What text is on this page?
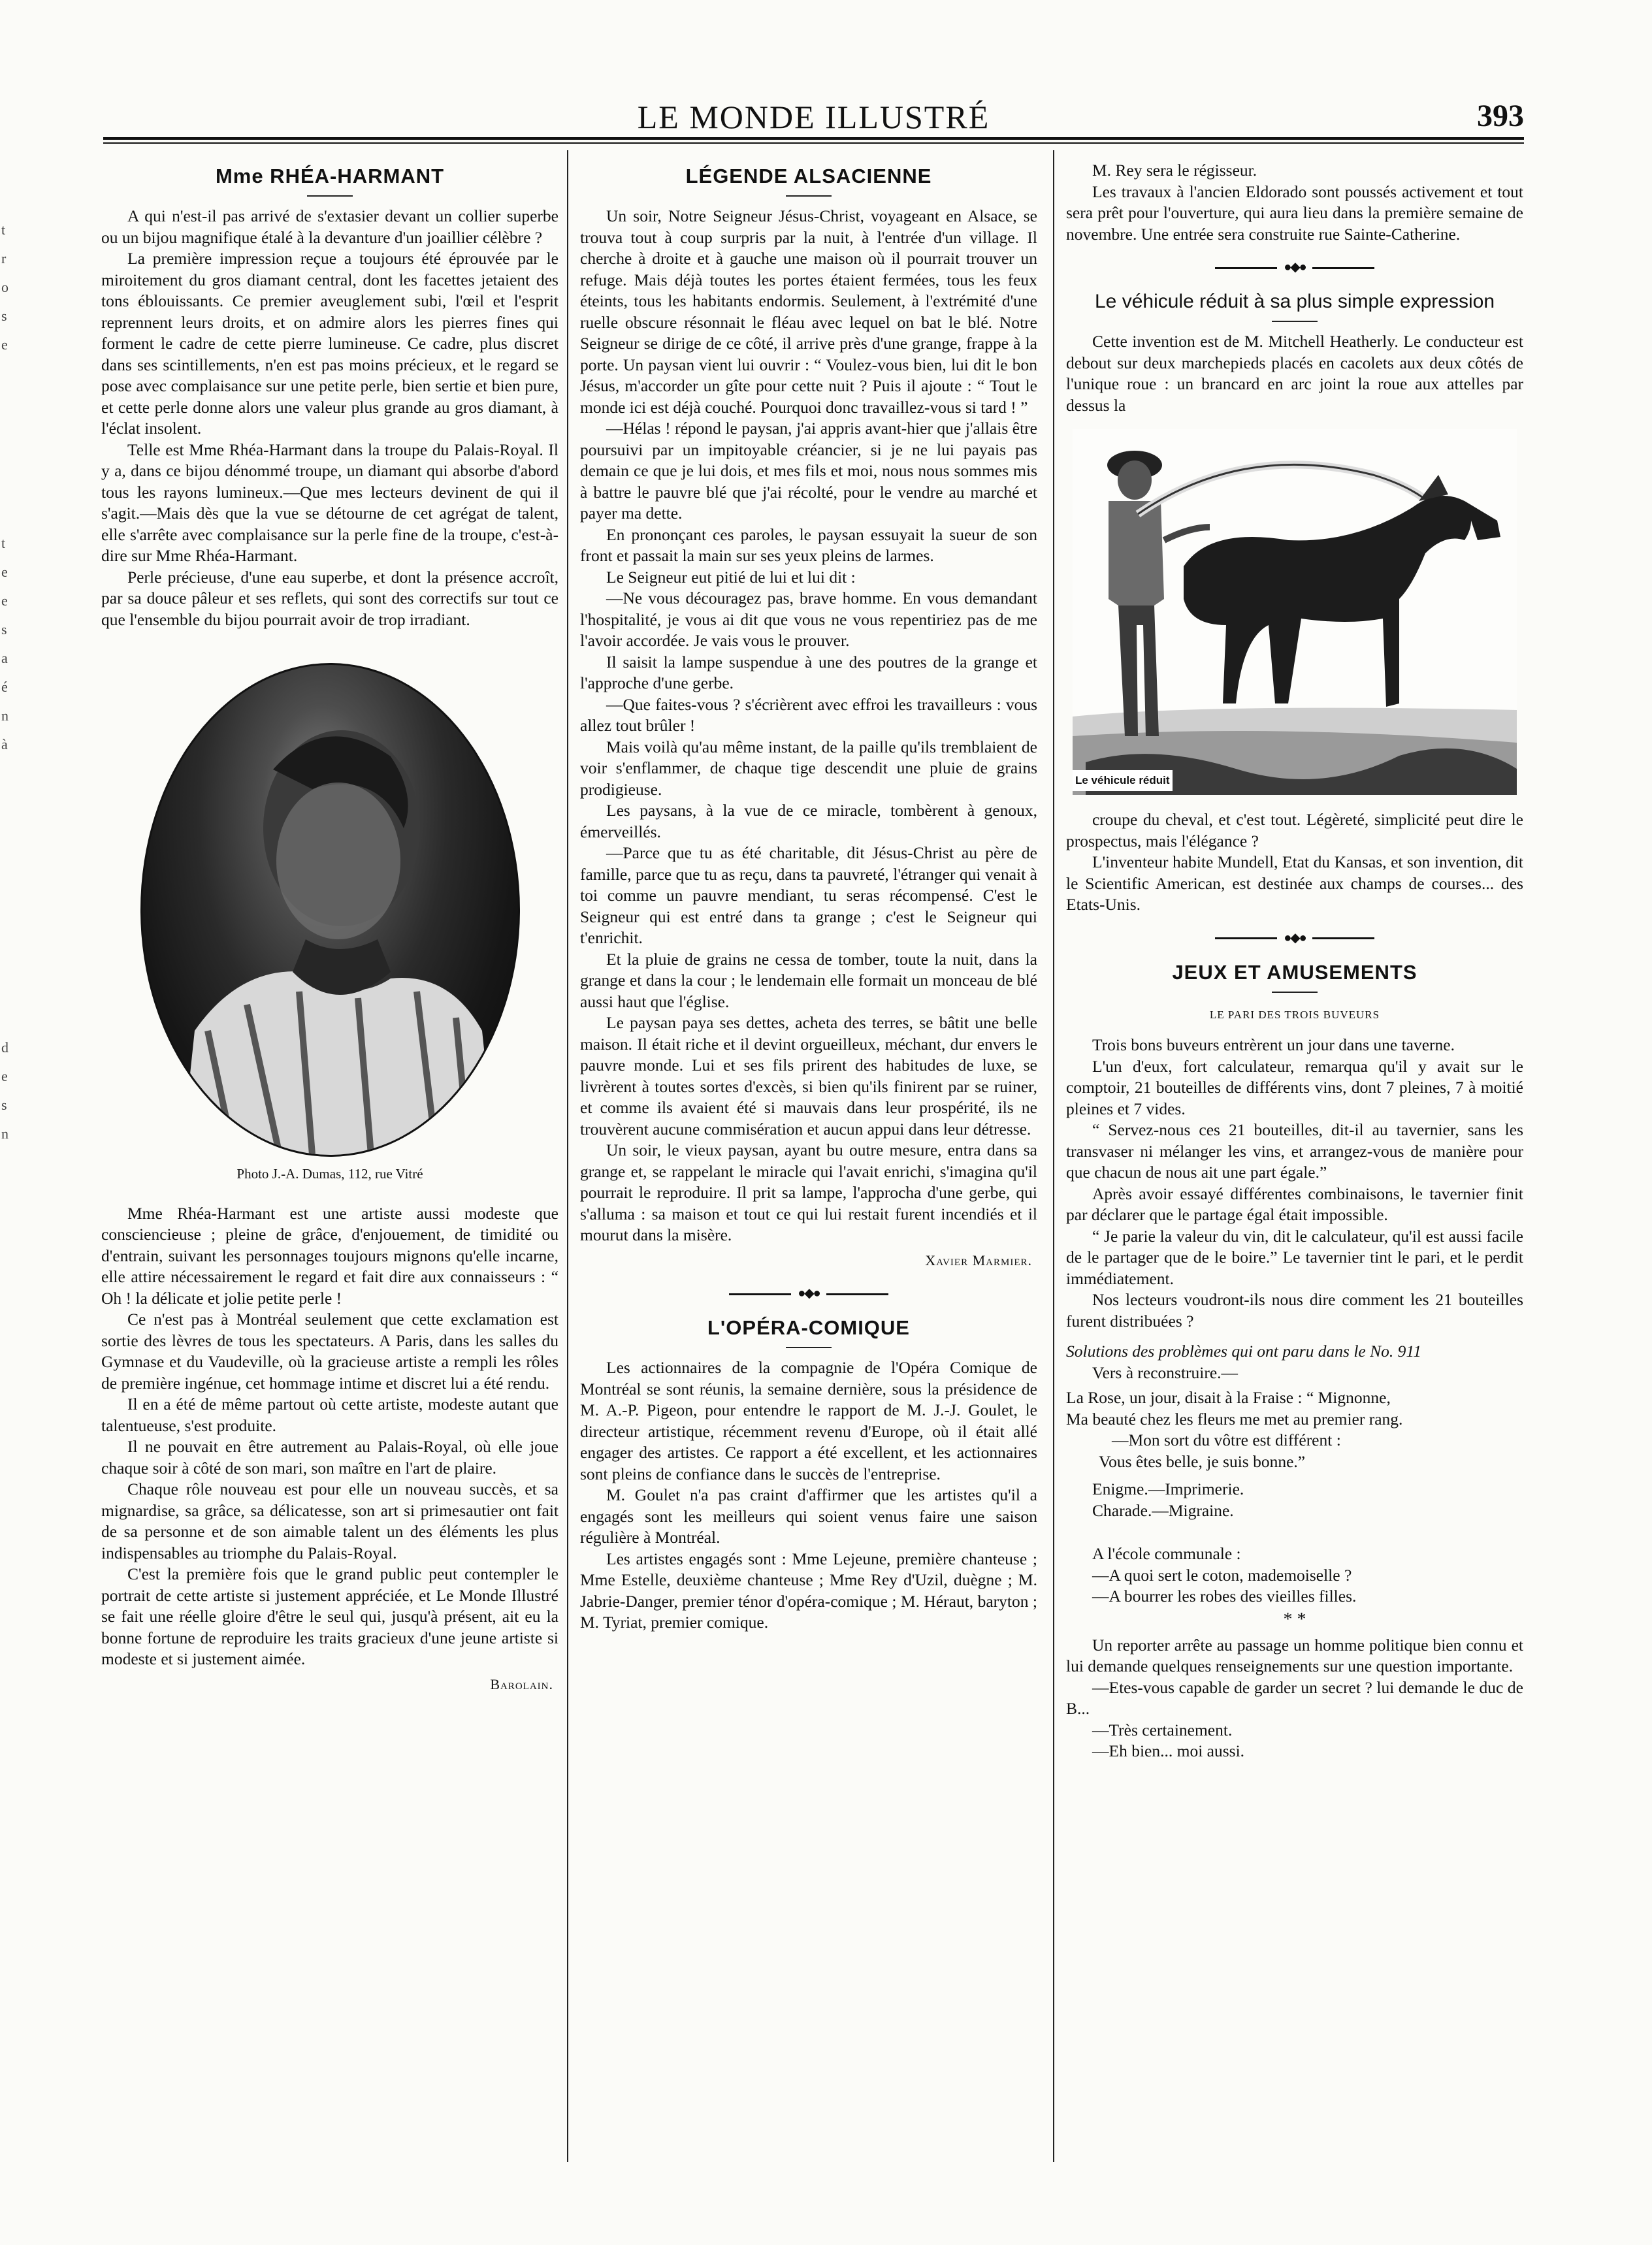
LE MONDE ILLUSTRÉ	393
t
r
o
s
e
t
e
e
s
a
é
n
à
d
e
s
n
Mme RHÉA-HARMANT

A qui n'est-il pas arrivé de s'extasier devant un collier superbe ou un bijou magnifique étalé à la devanture d'un joaillier célèbre ?

La première impression reçue a toujours été éprouvée par le miroitement du gros diamant central, dont les facettes jetaient des tons éblouissants. Ce premier aveuglement subi, l'œil et l'esprit reprennent leurs droits, et on admire alors les pierres fines qui forment le cadre de cette pierre lumineuse. Ce cadre, plus discret dans ses scintillements, n'en est pas moins précieux, et le regard se pose avec complaisance sur une petite perle, bien sertie et bien pure, et cette perle donne alors une valeur plus grande au gros diamant, à l'éclat insolent.

Telle est Mme Rhéa-Harmant dans la troupe du Palais-Royal. Il y a, dans ce bijou dénommé troupe, un diamant qui absorbe d'abord tous les rayons lumineux.—Que mes lecteurs devinent de qui il s'agit.—Mais dès que la vue se détourne de cet agrégat de talent, elle s'arrête avec complaisance sur la perle fine de la troupe, c'est-à-dire sur Mme Rhéa-Harmant.

Perle précieuse, d'une eau superbe, et dont la présence accroît, par sa douce pâleur et ses reflets, qui sont des correctifs sur tout ce que l'ensemble du bijou pourrait avoir de trop irradiant.

Photo J.-A. Dumas, 112, rue Vitré

Mme Rhéa-Harmant est une artiste aussi modeste que consciencieuse ; pleine de grâce, d'enjouement, de timidité ou d'entrain, suivant les personnages toujours mignons qu'elle incarne, elle attire nécessairement le regard et fait dire aux connaisseurs : “ Oh ! la délicate et jolie petite perle !

Ce n'est pas à Montréal seulement que cette exclamation est sortie des lèvres de tous les spectateurs. A Paris, dans les salles du Gymnase et du Vaudeville, où la gracieuse artiste a rempli les rôles de première ingénue, cet hommage intime et discret lui a été rendu.

Il en a été de même partout où cette artiste, modeste autant que talentueuse, s'est produite.

Il ne pouvait en être autrement au Palais-Royal, où elle joue chaque soir à côté de son mari, son maître en l'art de plaire.

Chaque rôle nouveau est pour elle un nouveau succès, et sa mignardise, sa grâce, sa délicatesse, son art si primesautier ont fait de sa personne et de son aimable talent un des éléments les plus indispensables au triomphe du Palais-Royal.

C'est la première fois que le grand public peut contempler le portrait de cette artiste si justement appréciée, et Le Monde Illustré se fait une réelle gloire d'être le seul qui, jusqu'à présent, ait eu la bonne fortune de reproduire les traits gracieux d'une jeune artiste si modeste et si justement aimée.

Barolain.
LÉGENDE ALSACIENNE

Un soir, Notre Seigneur Jésus-Christ, voyageant en Alsace, se trouva tout à coup surpris par la nuit, à l'entrée d'un village. Il cherche à droite et à gauche une maison où il pourrait trouver un refuge. Mais déjà toutes les portes étaient fermées, tous les feux éteints, tous les habitants endormis. Seulement, à l'extrémité d'une ruelle obscure résonnait le fléau avec lequel on bat le blé. Notre Seigneur se dirige de ce côté, il arrive près d'une grange, frappe à la porte. Un paysan vient lui ouvrir : “ Voulez-vous bien, lui dit le bon Jésus, m'accorder un gîte pour cette nuit ? Puis il ajoute : “ Tout le monde ici est déjà couché. Pourquoi donc travaillez-vous si tard ! ”

—Hélas ! répond le paysan, j'ai appris avant-hier que j'allais être poursuivi par un impitoyable créancier, si je ne lui payais pas demain ce que je lui dois, et mes fils et moi, nous nous sommes mis à battre le pauvre blé que j'ai récolté, pour le vendre au marché et payer ma dette.

En prononçant ces paroles, le paysan essuyait la sueur de son front et passait la main sur ses yeux pleins de larmes.

Le Seigneur eut pitié de lui et lui dit :

—Ne vous découragez pas, brave homme. En vous demandant l'hospitalité, je vous ai dit que vous ne vous repentiriez pas de me l'avoir accordée. Je vais vous le prouver.

Il saisit la lampe suspendue à une des poutres de la grange et l'approche d'une gerbe.

—Que faites-vous ? s'écrièrent avec effroi les travailleurs : vous allez tout brûler !

Mais voilà qu'au même instant, de la paille qu'ils tremblaient de voir s'enflammer, de chaque tige descendit une pluie de grains prodigieuse.

Les paysans, à la vue de ce miracle, tombèrent à genoux, émerveillés.

—Parce que tu as été charitable, dit Jésus-Christ au père de famille, parce que tu as reçu, dans ta pauvreté, l'étranger qui venait à toi comme un pauvre mendiant, tu seras récompensé. C'est le Seigneur qui est entré dans ta grange ; c'est le Seigneur qui t'enrichit.

Et la pluie de grains ne cessa de tomber, toute la nuit, dans la grange et dans la cour ; le lendemain elle formait un monceau de blé aussi haut que l'église.

Le paysan paya ses dettes, acheta des terres, se bâtit une belle maison. Il était riche et il devint orgueilleux, méchant, dur envers le pauvre monde. Lui et ses fils prirent des habitudes de luxe, se livrèrent à toutes sortes d'excès, si bien qu'ils finirent par se ruiner, et comme ils avaient été si mauvais dans leur prospérité, ils ne trouvèrent aucune commisération et aucun appui dans leur détresse.

Un soir, le vieux paysan, ayant bu outre mesure, entra dans sa grange et, se rappelant le miracle qui l'avait enrichi, s'imagina qu'il pourrait le reproduire. Il prit sa lampe, l'approcha d'une gerbe, qui s'alluma : sa maison et tout ce qui lui restait furent incendiés et il mourut dans la misère.

Xavier Marmier.
●◆●
L'OPÉRA-COMIQUE

Les actionnaires de la compagnie de l'Opéra Comique de Montréal se sont réunis, la semaine dernière, sous la présidence de M. A.-P. Pigeon, pour entendre le rapport de M. J.-J. Goulet, le directeur artistique, récemment revenu d'Europe, où il était allé engager des artistes. Ce rapport a été excellent, et les actionnaires sont pleins de confiance dans le succès de l'entreprise.

M. Goulet n'a pas craint d'affirmer que les artistes qu'il a engagés sont les meilleurs qui soient venus faire une saison régulière à Montréal.

Les artistes engagés sont : Mme Lejeune, première chanteuse ; Mme Estelle, deuxième chanteuse ; Mme Rey d'Uzil, duègne ; M. Jabrie-Danger, premier ténor d'opéra-comique ; M. Héraut, baryton ; M. Tyriat, premier comique.

M. Rey sera le régisseur.

Les travaux à l'ancien Eldorado sont poussés activement et tout sera prêt pour l'ouverture, qui aura lieu dans la première semaine de novembre. Une entrée sera construite rue Sainte-Catherine.

●◆●
Le véhicule réduit à sa plus simple expression

Cette invention est de M. Mitchell Heatherly. Le conducteur est debout sur deux marchepieds placés en cacolets aux deux côtés de l'unique roue : un brancard en arc joint la roue aux attelles par dessus la

Le véhicule réduit

croupe du cheval, et c'est tout. Légèreté, simplicité peut dire le prospectus, mais l'élégance ?

L'inventeur habite Mundell, Etat du Kansas, et son invention, dit le Scientific American, est destinée aux champs de courses... des Etats-Unis.

●◆●
JEUX ET AMUSEMENTS
LE PARI DES TROIS BUVEURS

Trois bons buveurs entrèrent un jour dans une taverne.

L'un d'eux, fort calculateur, remarqua qu'il y avait sur le comptoir, 21 bouteilles de différents vins, dont 7 pleines, 7 à moitié pleines et 7 vides.

“ Servez-nous ces 21 bouteilles, dit-il au tavernier, sans les transvaser ni mélanger les vins, et arrangez-vous de manière pour que chacun de nous ait une part égale.”

Après avoir essayé différentes combinaisons, le tavernier finit par déclarer que le partage égal était impossible.

“ Je parie la valeur du vin, dit le calculateur, qu'il est aussi facile de le partager que de le boire.” Le tavernier tint le pari, et le perdit immédiatement.

Nos lecteurs voudront-ils nous dire comment les 21 bouteilles furent distribuées ?

Solutions des problèmes qui ont paru dans le No. 911

Vers à reconstruire.—

La Rose, un jour, disait à la Fraise : “ Mignonne,

Ma beauté chez les fleurs me met au premier rang.

—Mon sort du vôtre est différent :

Vous êtes belle, je suis bonne.”

Enigme.—Imprimerie.

Charade.—Migraine.

A l'école communale :

—A quoi sert le coton, mademoiselle ?

—A bourrer les robes des vieilles filles.

* *

Un reporter arrête au passage un homme politique bien connu et lui demande quelques renseignements sur une question importante.

—Etes-vous capable de garder un secret ? lui demande le duc de B...

—Très certainement.

—Eh bien... moi aussi.
